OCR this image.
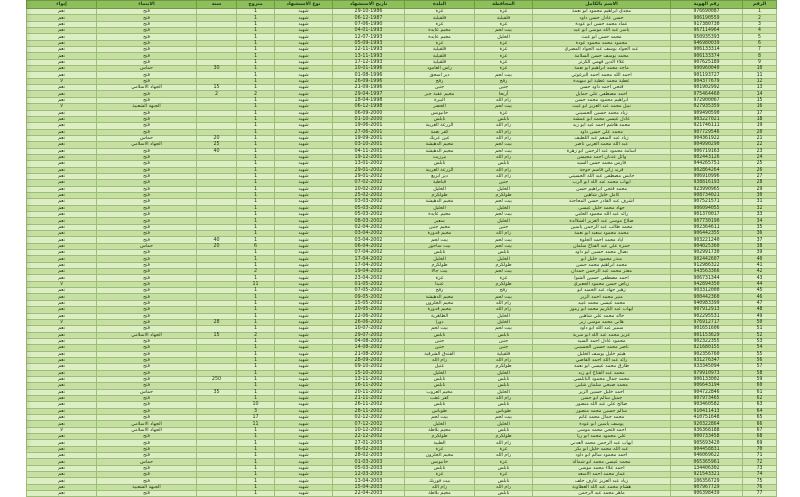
الرقم	رقم الهوية	الاسم بالكامل	المحافظة	البلدة	تاريخ الاستشهاد	نوع الاستشهاد	متزوج	سنة	الانتماء	إيواء
1	976690087	مجدي ابراهيم محمود ابو نعمة	غزة	غزة	29-10-1986	شهيد	1		فتح	نعم
2	906190559	حسن عادل حسن داود	قلقيلية	قلقيلية	06-12-1987	شهيد	1		فتح	نعم
3	917380730	عماد محمد حسن ابو عودة	غزة	غزة	07-06-1990	شهيد	1		فتح	نعم
4	967114964	ياسر عبد الله موسى ابو عيد	بيت لحم	مخيم عايدة	04-01-1993	شهيد	1		فتح	نعم
5	950935393	محمد حسن ابو غيث	الخليل	مخيم عايدة	12-07-1993	شهيد	1		فتح	نعم
6	946980039	محمود محمد محمود عودة	غزة	غزة	05-09-1993	شهيد	1		فتح	نعم
7	906133314	عبد الجواد يوسف عبد الجواد المصري	غزة	قلقيلية	12-11-1993	شهيد	1		فتح	نعم
8	906133374	محمد يوسف حسن السلامة	غزة	قلقيلية	13-11-1993	شهيد	1		فتح	نعم
9	907625189	علاء الدين فهمي الكرنز	غزة	قلقيلية	17-12-1993	شهيد	1		فتح	نعم
10	900960040	ماجد محمد ابراهيم ابو نعمة	غزة	راس العامود	10-01-1996	شهيد	1	30	حماس	نعم
11	901193727	احمد الله محمد احمد البرغوثي	بيت لحم	دير اسحق	01-08-1996	شهيد	1		فتح	نعم
12	904377679	عطية محمد عطية ابو سهيدة	رفح	رفح	26-09-1996	شهيد	1		فتح	لا
13	901902992	فتحي احمد داود حسن	جنين	جنين	21-09-1996	شهيد	1	15	الجهاد الاسلامي	نعم
14	975464460	احمد مصطفى علي حمايل	أريحا	مخيم عقبة جبر	29-04-1997	شهيد	2	2	فتح	نعم
15	972900067	ابراهيم محمود محمد حسن	رام الله	البيرة	18-04-1998	شهيد	1		فتح	نعم
16	027935359	نبيل محمد عبد العزيز ابو غيث	بيت لحم	الخضر	06-12-1998	شهيد	1		الجبهة الشعبية	لا
17	909490590	زياد محمد حسين الحسيني	غزة	خانيونس	06-09-2000	شهيد	1		فتح	نعم
18	903227021	عادل عيسى محمد ابو عمشة	نابلس	نابلس	01-10-2000	شهيد	1		فتح	نعم
19	921746111	محمد هاشم احمد عيد ابو زيد	رام الله	الزرعة الغربية	19-06-2001	شهيد	1		فتح	نعم
20	907729546	محمد علي حسن داود	رام الله	كفر نعمة	27-06-2001	شهيد	1		فتح	نعم
21	904361922	زياد عبد المنعم عبد اللطيف	رام الله	عين عريك	19-09-2001	شهيد	1	20	حماس	نعم
22	904990290	عبد الله محمد العربي ناصر	بيت لحم	مخيم الدهيشة	03-10-2001	شهيد	1	25	الجهاد الاسلامي	نعم
23	906719163	اسامة محمود عبد الرحمن ابو زهرة	بيت لحم	مخيم الدهيشة	04-11-2001	شهيد	1	40	فتح	نعم
24	902443126	وائل عدنان احمد محيسن	رام الله	بيرزيت	19-12-2001	شهيد	1		فتح	نعم
25	944265751	فارس محمد حسن السيد	نابلس	نابلس	13-01-2002	شهيد	1		فتح	نعم
26	902864264	فريد زكي قاسم خوجة	رام الله	الزرعة الغربية	29-01-2002	شهيد	1		فتح	نعم
27	906910996	حابس مصطفى عبد الله الحسيني	رام الله	دير ابزيع	29-01-2002	شهيد	1		فتح	نعم
28	938816193	ايهاب محمد عبد الله ابو الرب	جنين	قباطية	07-02-2002	شهيد	1		فتح	نعم
29	923990965	محمد فتحي ابراهيم حسن	الخليل	الخليل	10-02-2002	شهيد	1		فتح	نعم
30	908734021	كامل خليل شاهين	طولكرم	طولكرم	25-02-2002	شهيد	1		فتح	نعم
31	907521571	اشرف عبد القادر حسن المحاجنة	بيت لحم	مخيم الدهيشة	03-03-2002	شهيد	1		فتح	نعم
32	906094055	جهاد محمد خليل عيسى	الخليل	الخليل	05-03-2002	شهيد	1		فتح	نعم
33	901370017	رائد عبد الله محمود الحلبي	بيت لحم	مخيم عايدة	05-03-2002	شهيد	1		فتح	نعم
34	907730190	صلاح موسى عبد العزيز الشلالدة	الخليل	سعير	08-03-2002	شهيد	1		فتح	نعم
35	902364611	محمد طالب عبد الرحمن ياسين	جنين	مخيم جنين	02-04-2002	شهيد	1		فتح	نعم
36	906442355	محمد محمود سعيد ابو نعمة	رام الله	مخيم قدورة	03-04-2002	شهيد	1		فتح	نعم
37	903221240	اياد محمد احمد الحلوة	بيت لحم	بيت لحم	03-04-2002	شهيد	1	40	فتح	نعم
38	904025360	حمزة علي عبد الفتاح سلمان	بيت لحم	بيت ساحور	06-04-2002	شهيد	6	20	حماس	نعم
39	902991730	نضال محمد حسين ابو داود	نابلس	نابلس	07-04-2002	شهيد	1		فتح	نعم
40	902442607	منذر محمود خليل ابو	الخليل	الخليل	17-04-2002	شهيد	1		فتح	نعم
41	912986322	محمد ابراهيم محمد حسن	طولكرم	طولكرم	17-04-2002	شهيد	1		فتح	نعم
42	943563366	معتز محمد عبد الرحمن حمدان	بيت لحم	بيت جالا	19-04-2002	شهيد	2		فتح	نعم
43	906731344	احمد مصطفى حسين الشوا	غزة	غزة	23-04-2002	شهيد	1		فتح	نعم
44	942894350	رياض حسن محمود الجعبري	طولكرم	عنبتا	01-05-2002	شهيد	11		فتح	لا
45	903312000	زهير جهاد عبد الحميد ابو	رفح	رفح	07-05-2002	شهيد	1		فتح	نعم
46	900442360	منير محمد احمد الزير	بيت لحم	مخيم الدهيشة	09-05-2002	شهيد	1		فتح	نعم
47	940983399	محمد عيسى محمد عبيد	رام الله	مخيم الجلزون	15-05-2002	شهيد	1		فتح	نعم
48	907912913	ايهاب عبد الكريم محمد ابو رموز	رام الله	مخيم قدورة	20-05-2002	شهيد	1		فتح	نعم
49	902295531	خالد محمد علي شاهين	الخليل	الظاهرية	22-06-2002	شهيد	1		فتح	نعم
50	976912717	هاني محمد موسى زير	الخليل	دورا	26-06-2002	شهيد	1	28	فتح	لا
51	901651606	سمير عبد الله ابو داود	بيت لحم	بيت لحم	10-07-2002	شهيد	1		فتح	نعم
52	901153629	عزيز محمد عبد الله ابو سرية	نابلس	نابلس	29-07-2002	شهيد	2	15	الجهاد الاسلامي	نعم
53	902322355	محمود عادل احمد السيد	جنين	جنين	04-08-2002	شهيد	1		فتح	نعم
54	921680155	ناصر محمد حسين الحسيني	جنين	جنين	14-08-2002	شهيد	1		فتح	نعم
55	902356760	هيثم خليل يوسف الخليل	قلقيلية	الفندق الشرقية	21-08-2002	شهيد	1		فتح	نعم
56	931276347	رائد عبد الله احمد القاضي	رام الله	رام الله	28-09-2002	شهيد	1		فتح	نعم
57	933345094	طارق محمد عيسى ابو نعمة	طولكرم	عتيل	09-10-2002	شهيد	1		فتح	نعم
58	979910973	محمد عبد الفتاح ابو زيد	الخليل	الخليل	15-10-2002	شهيد	1		فتح	نعم
59	906133002	محمد جمال محمود النابلسي	نابلس	نابلس	13-11-2002	شهيد	1	250	فتح	نعم
60	906643194	محمد صبحي سلمان شلبي	نابلس	نابلس	16-11-2002	شهيد	1		فتح	نعم
61	904722846	احمد خليل حسين الزير	الخليل	مخيم العروب	20-11-2002	شهيد	1	35	حماس	نعم
62	907973465	جميل سالم ابو حسن	رام الله	كفر عقب	21-11-2002	شهيد	1		فتح	نعم
63	903460582	صالح علي عبد الله منصور	نابلس	نابلس	26-11-2002	شهيد	10		فتح	نعم
64	910411413	سالم حسين محمد منصور	طوباس	طوباس	28-11-2002	شهيد	3		فتح	نعم
65	410751648	محمد جمال محمد غانم	بيت لحم	بيت لحم	02-12-2002	شهيد	17		فتح	نعم
66	920322864	يوسف ياسين ابو عودة	الخليل	الخليل	07-12-2002	شهيد	11		الجهاد الاسلامي	نعم
67	936368188	احمد فتحي محمد موسى	نابلس	مخيم بلاطة	10-12-2002	شهيد	1		الجهاد الاسلامي	لا
68	900733458	علي محمود محمد ابو ريا	طولكرم	طولكرم	22-12-2002	شهيد	1		فتح	نعم
69	905693420	ايهاب عبد الرحمن محمد العدني	رام الله	الطيبة	27-01-2003	شهيد	1		فتح	نعم
70	904458831	عبد الله محمد خليل ابو بكر	غزة	غزة	06-02-2003	شهيد	1		فتح	نعم
71	946069622	احمد محمود سالم ابو داود	رام الله	مخيم الجلزون	28-02-2003	شهيد	1		فتح	نعم
72	065365961	محمد عيسى محمد ابو شمالة	غزة	خانيونس	01-03-2003	شهيد	1		حماس	نعم
73	134406302	احمد علاء محمد موسى	نابلس	نابلس	05-03-2003	شهيد	1		فتح	نعم
74	921543321	عمار محمد احمد الاسعد	غزة	غزة	12-03-2003	شهيد	1		فتح	نعم
75	106356729	زياد عبد العزيز عارف خلف	نابلس	بيت فوريك	13-04-2003	شهيد	1		فتح	نعم
76	907967729	هشام محمد عبد الله العطاونة	رام الله	رام الله	15-04-2003	شهيد	1		الجبهة الشعبية	نعم
77	906398439	ماهر محمد عبد الرحمن	نابلس	مخيم بلاطة	22-04-2003	شهيد	1		فتح	نعم
